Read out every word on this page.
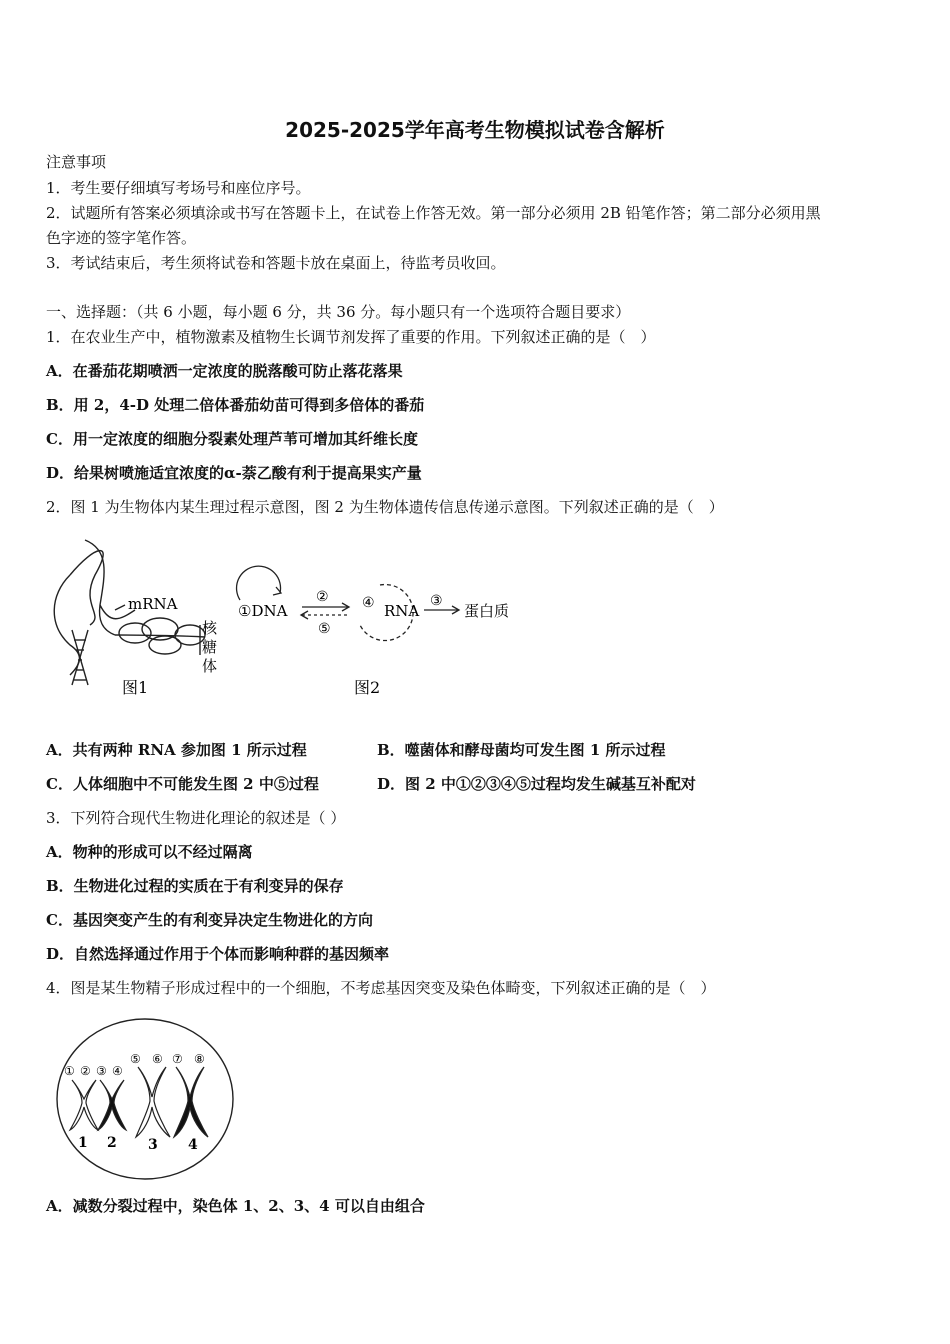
2025-2025学年高考生物模拟试卷含解析
注意事项
1．考生要仔细填写考场号和座位序号。
2．试题所有答案必须填涂或书写在答题卡上，在试卷上作答无效。第一部分必须用 2B 铅笔作答；第二部分必须用黑
色字迹的签字笔作答。
3．考试结束后，考生须将试卷和答题卡放在桌面上，待监考员收回。
一、选择题：（共 6 小题，每小题 6 分，共 36 分。每小题只有一个选项符合题目要求）
1．在农业生产中，植物激素及植物生长调节剂发挥了重要的作用。下列叙述正确的是（　）
A．在番茄花期喷洒一定浓度的脱落酸可防止落花落果
B．用 2，4-D 处理二倍体番茄幼苗可得到多倍体的番茄
C．用一定浓度的细胞分裂素处理芦苇可增加其纤维长度
D．给果树喷施适宜浓度的α-萘乙酸有利于提高果实产量
2．图 1 为生物体内某生理过程示意图，图 2 为生物体遗传信息传递示意图。下列叙述正确的是（　）
mRNA
核
糖
体
图1
①DNA
②
⑤
④ RNA
③
蛋白质
图2
A．共有两种 RNA 参加图 1 所示过程	B．噬菌体和酵母菌均可发生图 1 所示过程
C．人体细胞中不可能发生图 2 中⑤过程	D．图 2 中①②③④⑤过程均发生碱基互补配对
3．下列符合现代生物进化理论的叙述是（ ）
A．物种的形成可以不经过隔离
B．生物进化过程的实质在于有利变异的保存
C．基因突变产生的有利变异决定生物进化的方向
D．自然选择通过作用于个体而影响种群的基因频率
4．图是某生物精子形成过程中的一个细胞，不考虑基因突变及染色体畸变，下列叙述正确的是（　）
① ② ③ ④
⑤ ⑥ ⑦ ⑧
1 2 3 4
A．减数分裂过程中，染色体 1、2、3、4 可以自由组合
